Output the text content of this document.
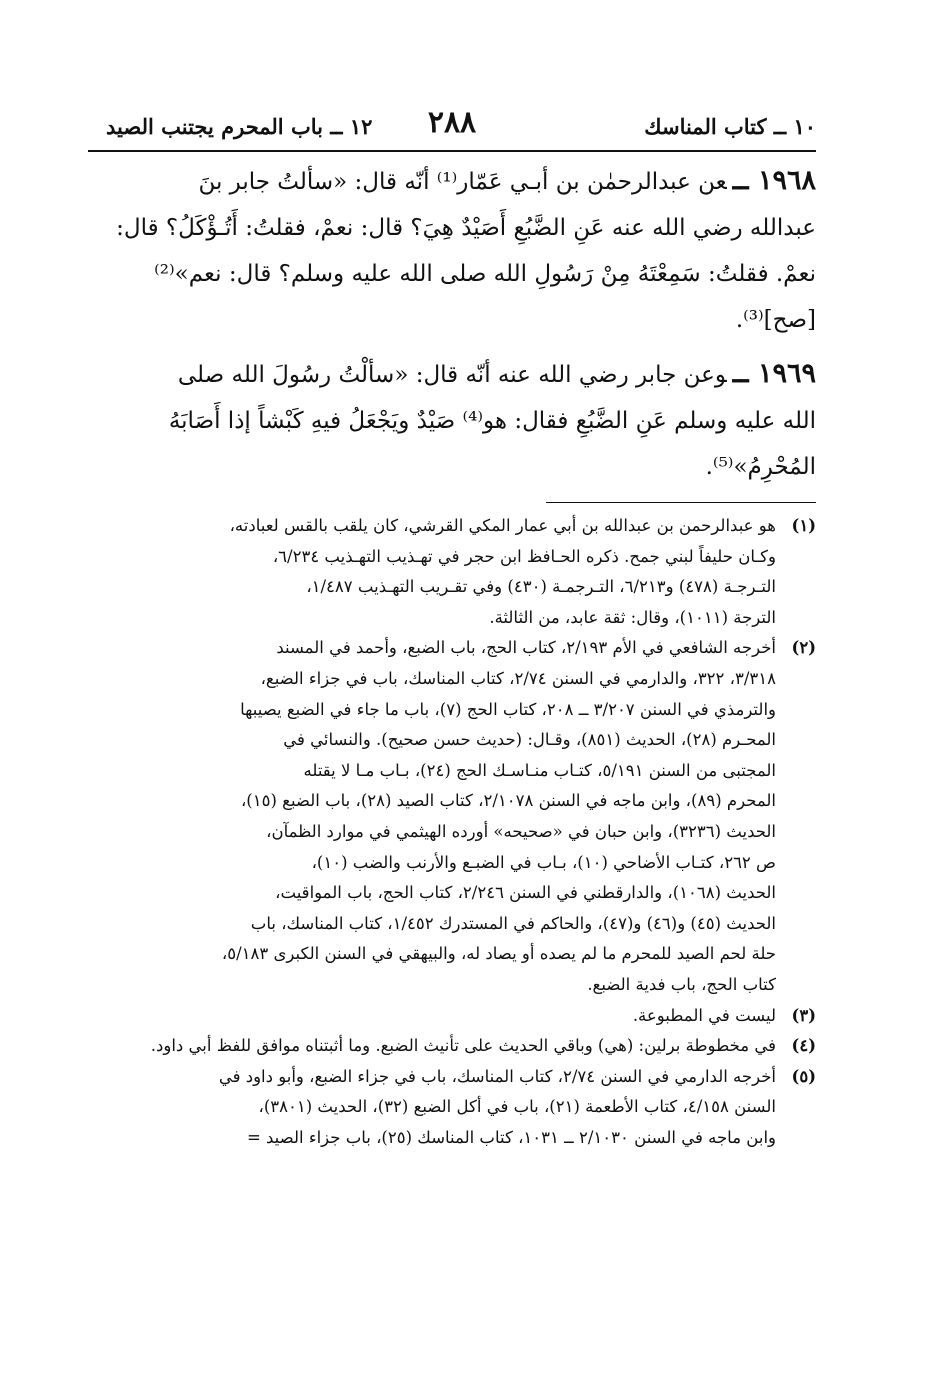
١٠ ــ كتاب المناسك
٢٨٨
١٢ ــ باب المحرم يجتنب الصيد
١٩٦٨ ــعن عبدالرحمٰن بن أبـي عَمّار⁽¹⁾ أنّه قال: «سألتُ جابر بنَ
عبدالله رضي الله عنه عَنِ الضَّبُعِ أَصَيْدٌ هِيَ؟ قال: نعمْ، فقلتُ: أَتُـؤْكَلُ؟ قال:
نعمْ. فقلتُ: سَمِعْتَهُ مِنْ رَسُولِ الله صلى الله عليه وسلم؟ قال: نعم»⁽²⁾
[صح]⁽³⁾.
١٩٦٩ ــوعن جابر رضي الله عنه أنّه قال: «سألْتُ رسُولَ الله صلى
الله عليه وسلم عَنِ الضَّبُعِ فقال: هو⁽⁴⁾ صَيْدٌ ويَجْعَلُ فيهِ كَبْشاً إذا أَصَابَهُ
المُحْرِمُ»⁽⁵⁾.
(١)
هو عبدالرحمن بن عبدالله بن أبي عمار المكي القرشي، كان يلقب بالقس لعبادته،
وكـان حليفاً لبني جمح. ذكره الحـافظ ابن حجر في تهـذيب التهـذيب ٦/٢٣٤،
التـرجـة (٤٧٨) و٦/٢١٣، التـرجمـة (٤٣٠) وفي تقـريب التهـذيب ١/٤٨٧،
الترجة (١٠١١)، وقال: ثقة عابد، من الثالثة.
(٢)
أخرجه الشافعي في الأم ٢/١٩٣، كتاب الحج، باب الضبع، وأحمد في المسند
٣/٣١٨، ٣٢٢، والدارمي في السنن ٢/٧٤، كتاب المناسك، باب في جزاء الضبع،
والترمذي في السنن ٣/٢٠٧ ــ ٢٠٨، كتاب الحج (٧)، باب ما جاء في الضبع يصيبها
المحـرم (٢٨)، الحديث (٨٥١)، وقـال: (حديث حسن صحيح). والنسائي في
المجتبى من السنن ٥/١٩١، كتـاب منـاسـك الحج (٢٤)، بـاب مـا لا يقتله
المحرم (٨٩)، وابن ماجه في السنن ٢/١٠٧٨، كتاب الصيد (٢٨)، باب الضبع (١٥)،
الحديث (٣٢٣٦)، وابن حبان في «صحيحه» أورده الهيثمي في موارد الظمآن،
ص ٢٦٢، كتـاب الأضاحي (١٠)، بـاب في الضبـع والأرنب والضب (١٠)،
الحديث (١٠٦٨)، والدارقطني في السنن ٢/٢٤٦، كتاب الحج، باب المواقيت،
الحديث (٤٥) و(٤٦) و(٤٧)، والحاكم في المستدرك ١/٤٥٢، كتاب المناسك، باب
حلة لحم الصيد للمحرم ما لم يصده أو يصاد له، والبيهقي في السنن الكبرى ٥/١٨٣،
كتاب الحج، باب فدية الضبع.
(٣)
ليست في المطبوعة.
(٤)
في مخطوطة برلين: (هي) وباقي الحديث على تأنيث الضبع. وما أثبتناه موافق للفظ أبي داود.
(٥)
أخرجه الدارمي في السنن ٢/٧٤، كتاب المناسك، باب في جزاء الضبع، وأبو داود في
السنن ٤/١٥٨، كتاب الأطعمة (٢١)، باب في أكل الضبع (٣٢)، الحديث (٣٨٠١)،
وابن ماجه في السنن ٢/١٠٣٠ ــ ١٠٣١، كتاب المناسك (٢٥)، باب جزاء الصيد =
